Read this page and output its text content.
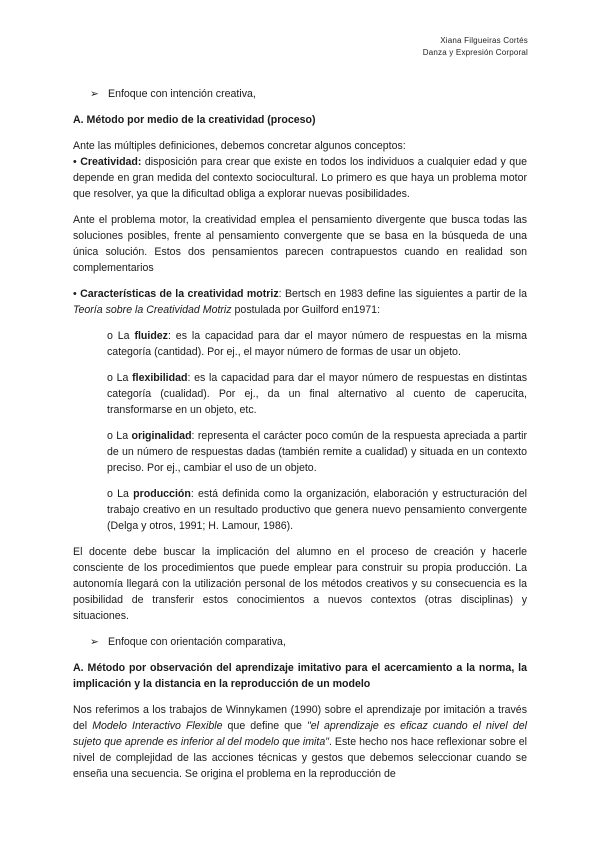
Xiana Filgueiras Cortés
Danza y Expresión Corporal

➢ Enfoque con intención creativa,

A. Método por medio de la creatividad (proceso)

Ante las múltiples definiciones, debemos concretar algunos conceptos:

• Creatividad: disposición para crear que existe en todos los individuos a cualquier edad y que depende en gran medida del contexto sociocultural. Lo primero es que haya un problema motor que resolver, ya que la dificultad obliga a explorar nuevas posibilidades.

Ante el problema motor, la creatividad emplea el pensamiento divergente que busca todas las soluciones posibles, frente al pensamiento convergente que se basa en la búsqueda de una única solución. Estos dos pensamientos parecen contrapuestos cuando en realidad son complementarios

• Características de la creatividad motriz: Bertsch en 1983 define las siguientes a partir de la Teoría sobre la Creatividad Motriz postulada por Guilford en1971:

o La fluidez: es la capacidad para dar el mayor número de respuestas en la misma categoría (cantidad). Por ej., el mayor número de formas de usar un objeto.

o La flexibilidad: es la capacidad para dar el mayor número de respuestas en distintas categoría (cualidad). Por ej., da un final alternativo al cuento de caperucita, transformarse en un objeto, etc.

o La originalidad: representa el carácter poco común de la respuesta apreciada a partir de un número de respuestas dadas (también remite a cualidad) y situada en un contexto preciso. Por ej., cambiar el uso de un objeto.

o La producción: está definida como la organización, elaboración y estructuración del trabajo creativo en un resultado productivo que genera nuevo pensamiento convergente (Delga y otros, 1991; H. Lamour, 1986).

El docente debe buscar la implicación del alumno en el proceso de creación y hacerle consciente de los procedimientos que puede emplear para construir su propia producción. La autonomía llegará con la utilización personal de los métodos creativos y su consecuencia es la posibilidad de transferir estos conocimientos a nuevos contextos (otras disciplinas) y situaciones.

➢ Enfoque con orientación comparativa,

A. Método por observación del aprendizaje imitativo para el acercamiento a la norma, la implicación y la distancia en la reproducción de un modelo

Nos referimos a los trabajos de Winnykamen (1990) sobre el aprendizaje por imitación a través del Modelo Interactivo Flexible que define que "el aprendizaje es eficaz cuando el nivel del sujeto que aprende es inferior al del modelo que imita". Este hecho nos hace reflexionar sobre el nivel de complejidad de las acciones técnicas y gestos que debemos seleccionar cuando se enseña una secuencia. Se origina el problema en la reproducción de
